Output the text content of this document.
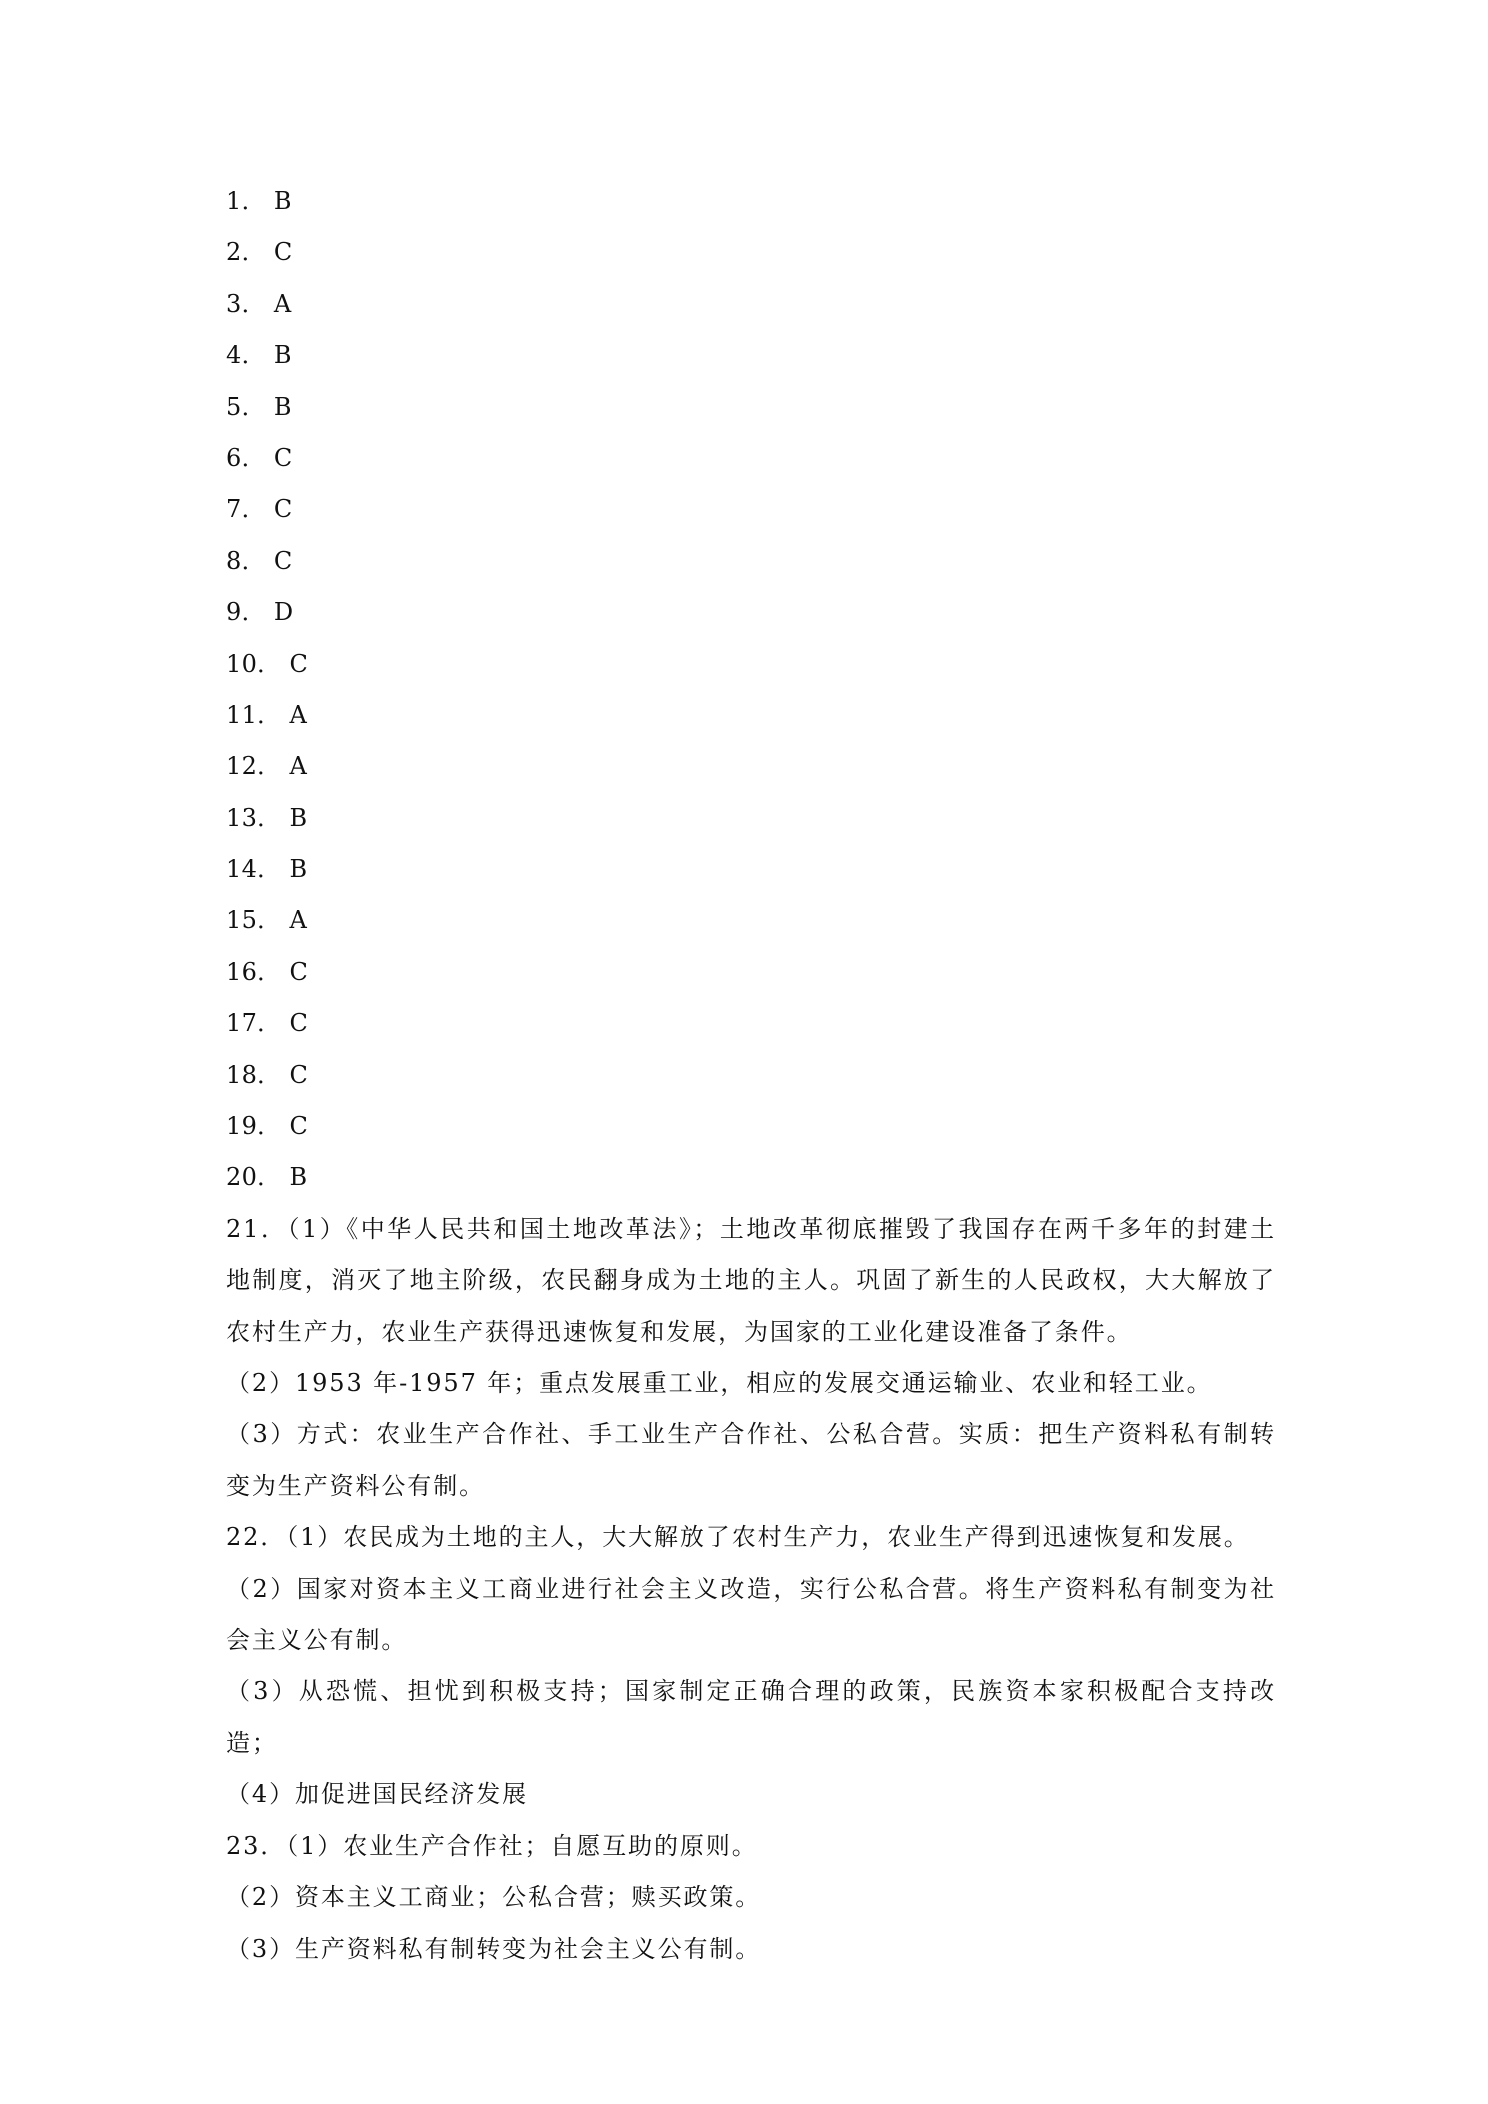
1． B
2． C
3． A
4． B
5． B
6． C
7． C
8． C
9． D
10． C
11． A
12． A
13． B
14． B
15． A
16． C
17． C
18． C
19． C
20． B
21．（1）《中华人民共和国土地改革法》；土地改革彻底摧毁了我国存在两千多年的封建土地制度，消灭了地主阶级，农民翻身成为土地的主人。巩固了新生的人民政权，大大解放了农村生产力，农业生产获得迅速恢复和发展，为国家的工业化建设准备了条件。
（2）1953 年-1957 年；重点发展重工业，相应的发展交通运输业、农业和轻工业。
（3）方式：农业生产合作社、手工业生产合作社、公私合营。实质：把生产资料私有制转变为生产资料公有制。
22．（1）农民成为土地的主人，大大解放了农村生产力，农业生产得到迅速恢复和发展。
（2）国家对资本主义工商业进行社会主义改造，实行公私合营。将生产资料私有制变为社会主义公有制。
（3）从恐慌、担忧到积极支持；国家制定正确合理的政策，民族资本家积极配合支持改造；
（4）加促进国民经济发展
23．（1）农业生产合作社；自愿互助的原则。
（2）资本主义工商业；公私合营；赎买政策。
（3）生产资料私有制转变为社会主义公有制。
